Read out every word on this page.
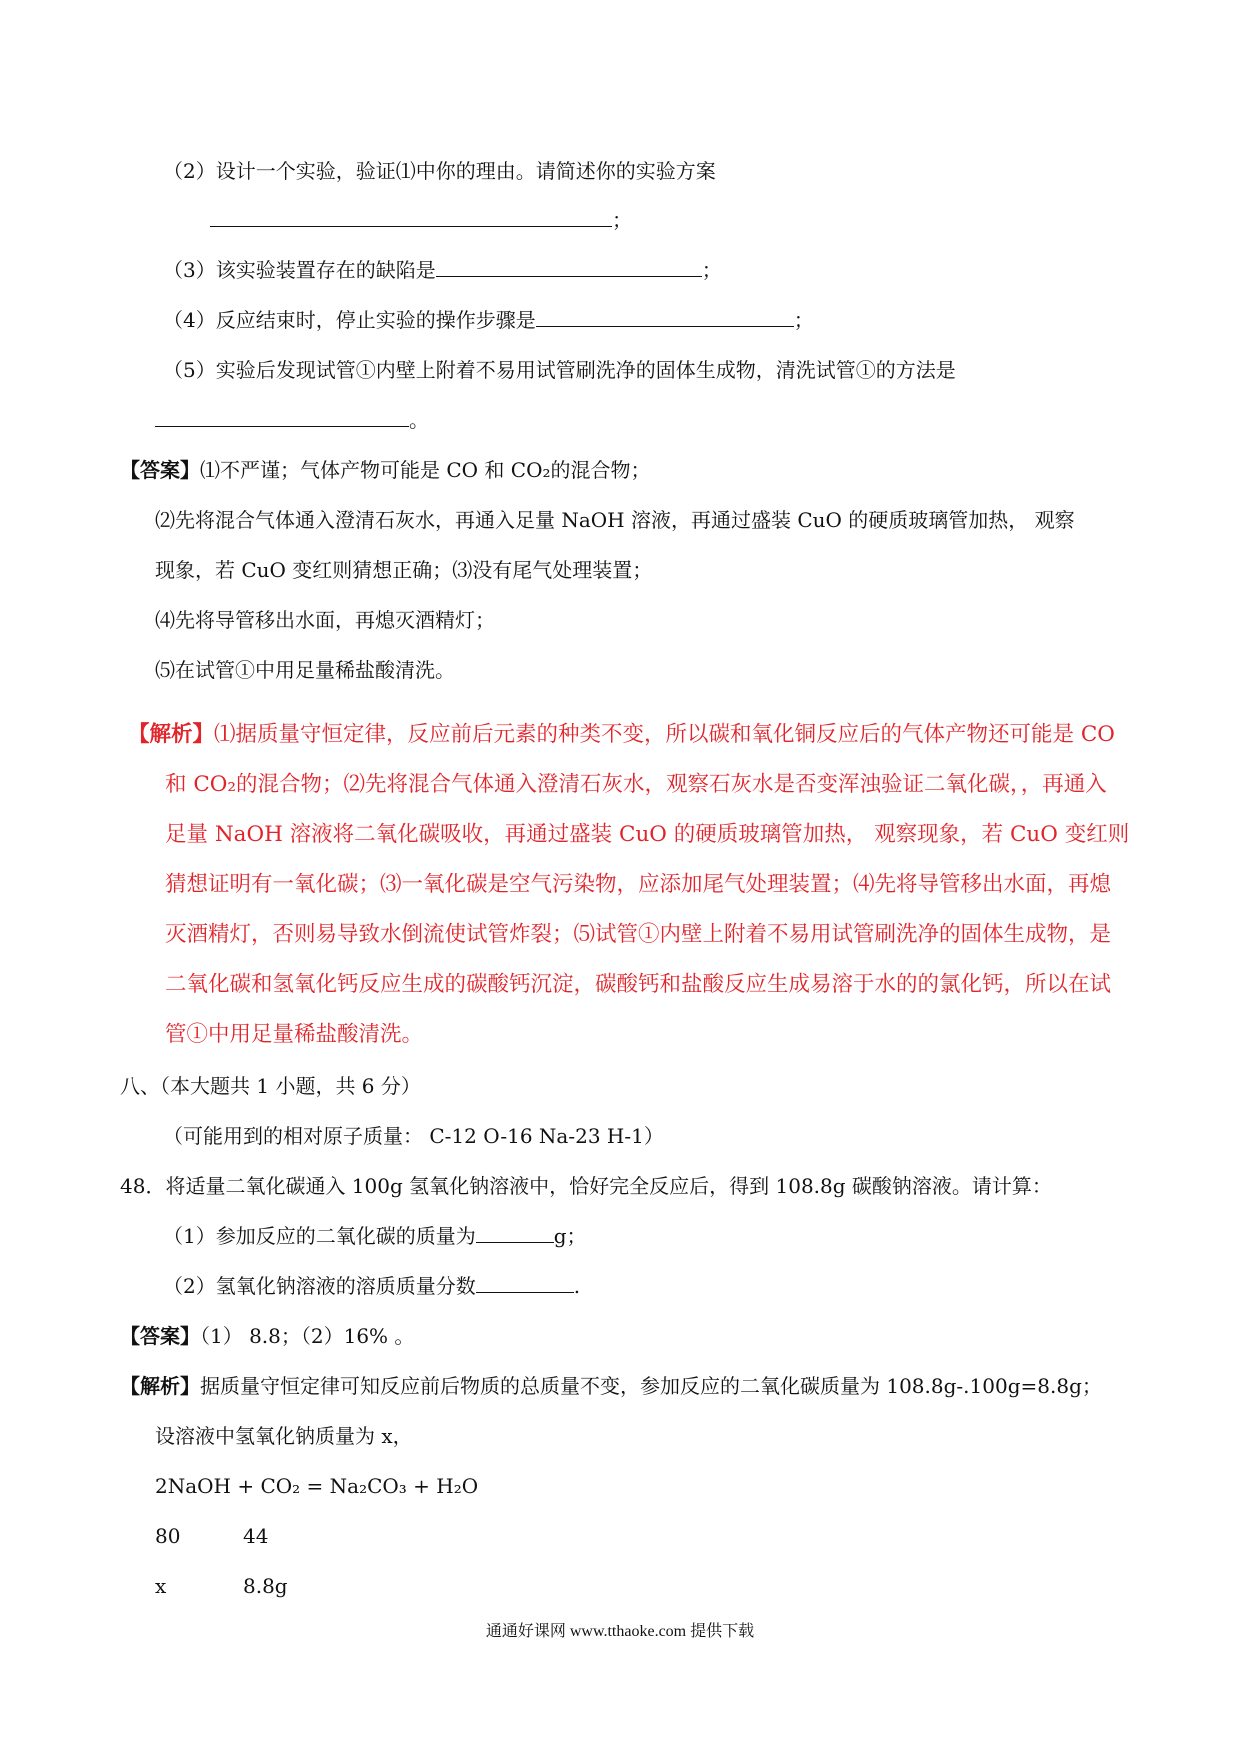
（2）设计一个实验，验证⑴中你的理由。请简述你的实验方案
；
（3）该实验装置存在的缺陷是	；
（4）反应结束时，停止实验的操作步骤是	；
（5）实验后发现试管①内壁上附着不易用试管刷洗净的固体生成物，清洗试管①的方法是
。
【答案】⑴不严谨；气体产物可能是 CO 和 CO₂的混合物；
⑵先将混合气体通入澄清石灰水，再通入足量 NaOH 溶液，再通过盛装 CuO 的硬质玻璃管加热， 观察
现象，若 CuO 变红则猜想正确；⑶没有尾气处理装置；
⑷先将导管移出水面，再熄灭酒精灯；
⑸在试管①中用足量稀盐酸清洗。
【解析】⑴据质量守恒定律，反应前后元素的种类不变，所以碳和氧化铜反应后的气体产物还可能是 CO
和 CO₂的混合物；⑵先将混合气体通入澄清石灰水，观察石灰水是否变浑浊验证二氧化碳，，再通入
足量 NaOH 溶液将二氧化碳吸收，再通过盛装 CuO 的硬质玻璃管加热， 观察现象，若 CuO 变红则
猜想证明有一氧化碳；⑶一氧化碳是空气污染物，应添加尾气处理装置；⑷先将导管移出水面，再熄
灭酒精灯，否则易导致水倒流使试管炸裂；⑸试管①内壁上附着不易用试管刷洗净的固体生成物，是
二氧化碳和氢氧化钙反应生成的碳酸钙沉淀，碳酸钙和盐酸反应生成易溶于水的的氯化钙，所以在试
管①中用足量稀盐酸清洗。
八、（本大题共 1 小题，共 6 分）
（可能用到的相对原子质量： C-12 O-16 Na-23 H-1）
48．将适量二氧化碳通入 100g 氢氧化钠溶液中，恰好完全反应后，得到 108.8g 碳酸钠溶液。请计算：
（1）参加反应的二氧化碳的质量为	g；
（2）氢氧化钠溶液的溶质质量分数	.
【答案】（1） 8.8；（2）16% 。
【解析】据质量守恒定律可知反应前后物质的总质量不变，参加反应的二氧化碳质量为 108.8g-.100g=8.8g；
设溶液中氢氧化钠质量为 x，
2NaOH + CO₂ = Na₂CO₃ + H₂O
80	44
x	8.8g
通通好课网 www.tthaoke.com 提供下载
